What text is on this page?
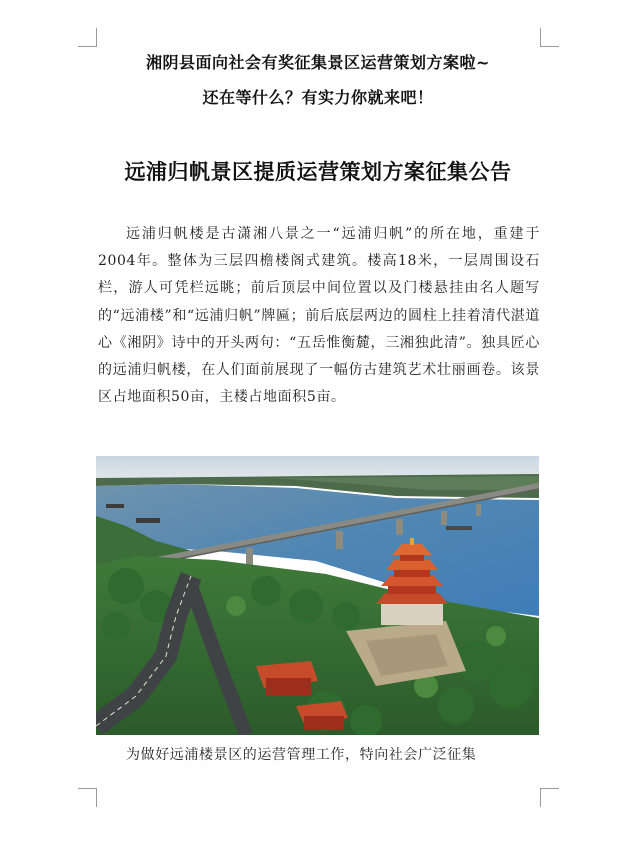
湘阴县面向社会有奖征集景区运营策划方案啦~
还在等什么？有实力你就来吧！
远浦归帆景区提质运营策划方案征集公告
远浦归帆楼是古潇湘八景之一“远浦归帆”的所在地，重建于2004年。整体为三层四檐楼阁式建筑。楼高18米，一层周围设石栏，游人可凭栏远眺；前后顶层中间位置以及门楼悬挂由名人题写的“远浦楼”和“远浦归帆”牌匾；前后底层两边的圆柱上挂着清代湛道心《湘阴》诗中的开头两句：“五岳惟衡麓，三湘独此清”。独具匠心的远浦归帆楼，在人们面前展现了一幅仿古建筑艺术壮丽画卷。该景区占地面积50亩，主楼占地面积5亩。
为做好远浦楼景区的运营管理工作，特向社会广泛征集
